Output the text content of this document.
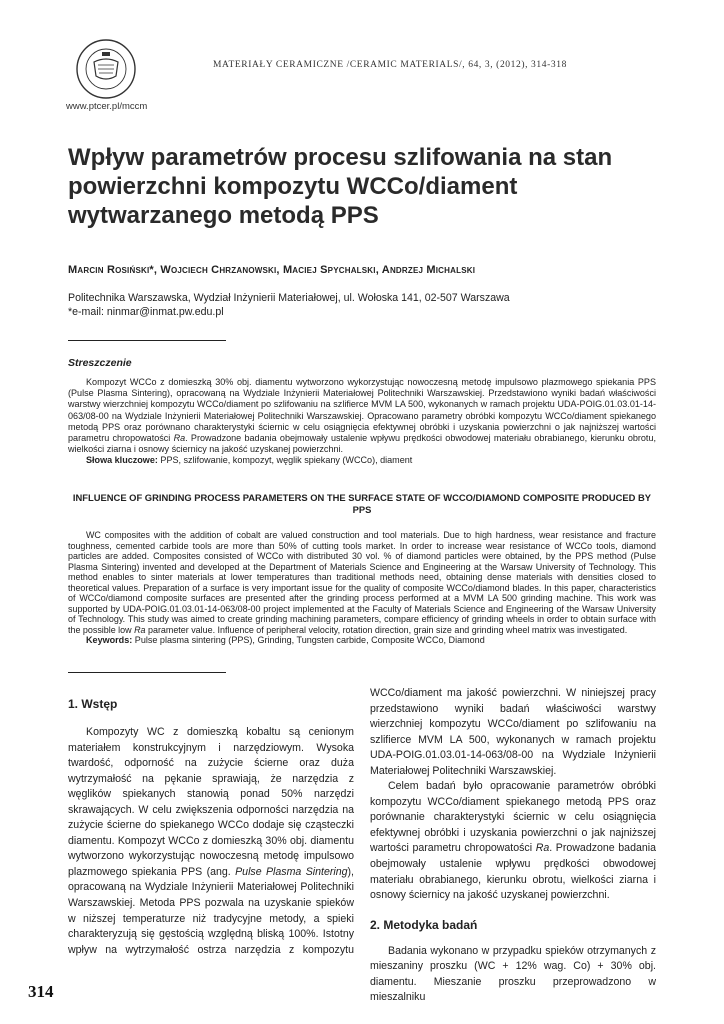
www.ptcer.pl/mccm
MATERIAŁY CERAMICZNE /CERAMIC MATERIALS/, 64, 3, (2012), 314-318
Wpływ parametrów procesu szlifowania na stan powierzchni kompozytu WCCo/diament wytwarzanego metodą PPS
Marcin Rosiński*, Wojciech Chrzanowski, Maciej Spychalski, Andrzej Michalski
Politechnika Warszawska, Wydział Inżynierii Materiałowej, ul. Wołoska 141, 02-507 Warszawa
*e-mail: ninmar@inmat.pw.edu.pl
Streszczenie

Kompozyt WCCo z domieszką 30% obj. diamentu wytworzono wykorzystując nowoczesną metodę impulsowo plazmowego spiekania PPS (Pulse Plasma Sintering), opracowaną na Wydziale Inżynierii Materiałowej Politechniki Warszawskiej. Przedstawiono wyniki badań właściwości warstwy wierzchniej kompozytu WCCo/diament po szlifowaniu na szlifierce MVM LA 500, wykonanych w ramach projektu UDA-POIG.01.03.01-14-063/08-00 na Wydziale Inżynierii Materiałowej Politechniki Warszawskiej. Opracowano parametry obróbki kompozytu WCCo/diament spiekanego metodą PPS oraz porównano charakterystyki ściernic w celu osiągnięcia efektywnej obróbki i uzyskania powierzchni o jak najniższej wartości parametru chropowatości Ra. Prowadzone badania obejmowały ustalenie wpływu prędkości obwodowej materiału obrabianego, kierunku obrotu, wielkości ziarna i osnowy ściernicy na jakość uzyskanej powierzchni.

Słowa kluczowe: PPS, szlifowanie, kompozyt, węglik spiekany (WCCo), diament

INFLUENCE OF GRINDING PROCESS PARAMETERS ON THE SURFACE STATE OF WCCO/DIAMOND COMPOSITE PRODUCED BY PPS

WC composites with the addition of cobalt are valued construction and tool materials. Due to high hardness, wear resistance and fracture toughness, cemented carbide tools are more than 50% of cutting tools market. In order to increase wear resistance of WCCo tools, diamond particles are added. Composites consisted of WCCo with distributed 30 vol. % of diamond particles were obtained, by the PPS method (Pulse Plasma Sintering) invented and developed at the Department of Materials Science and Engineering at the Warsaw University of Technology. This method enables to sinter materials at lower temperatures than traditional methods need, obtaining dense materials with densities closed to theoretical values. Preparation of a surface is very important issue for the quality of composite WCCo/diamond blades. In this paper, characteristics of WCCo/diamond composite surfaces are presented after the grinding process performed at a MVM LA 500 grinding machine. This work was supported by UDA-POIG.01.03.01-14-063/08-00 project implemented at the Faculty of Materials Science and Engineering of the Warsaw University of Technology. This study was aimed to create grinding machining parameters, compare efficiency of grinding wheels in order to obtain surface with the possible low Ra parameter value. Influence of peripheral velocity, rotation direction, grain size and grinding wheel matrix was investigated.

Keywords: Pulse plasma sintering (PPS), Grinding, Tungsten carbide, Composite WCCo, Diamond

1. Wstęp

Kompozyty WC z domieszką kobaltu są cenionym materiałem konstrukcyjnym i narzędziowym. Wysoka twardość, odporność na zużycie ścierne oraz duża wytrzymałość na pękanie sprawiają, że narzędzia z węglików spiekanych stanowią ponad 50% narzędzi skrawających. W celu zwiększenia odporności narzędzia na zużycie ścierne do spiekanego WCCo dodaje się cząsteczki diamentu. Kompozyt WCCo z domieszką 30% obj. diamentu wytworzono wykorzystując nowoczesną metodę impulsowo plazmowego spiekania PPS (ang. Pulse Plasma Sintering), opracowaną na Wydziale Inżynierii Materiałowej Politechniki Warszawskiej. Metoda PPS pozwala na uzyskanie spieków w niższej temperaturze niż tradycyjne metody, a spieki charakteryzują się gęstością względną bliską 100%. Istotny wpływ na wytrzymałość ostrza narzędzia z kompozytu

WCCo/diament ma jakość powierzchni. W niniejszej pracy przedstawiono wyniki badań właściwości warstwy wierzchniej kompozytu WCCo/diament po szlifowaniu na szlifierce MVM LA 500, wykonanych w ramach projektu UDA-POIG.01.03.01-14-063/08-00 na Wydziale Inżynierii Materiałowej Politechniki Warszawskiej.

Celem badań było opracowanie parametrów obróbki kompozytu WCCo/diament spiekanego metodą PPS oraz porównanie charakterystyki ściernic w celu osiągnięcia efektywnej obróbki i uzyskania powierzchni o jak najniższej wartości parametru chropowatości Ra. Prowadzone badania obejmowały ustalenie wpływu prędkości obwodowej materiału obrabianego, kierunku obrotu, wielkości ziarna i osnowy ściernicy na jakość uzyskanej powierzchni.

2. Metodyka badań

Badania wykonano w przypadku spieków otrzymanych z mieszaniny proszku (WC + 12% wag. Co) + 30% obj. diamentu. Mieszanie proszku przeprowadzono w mieszalniku

314
